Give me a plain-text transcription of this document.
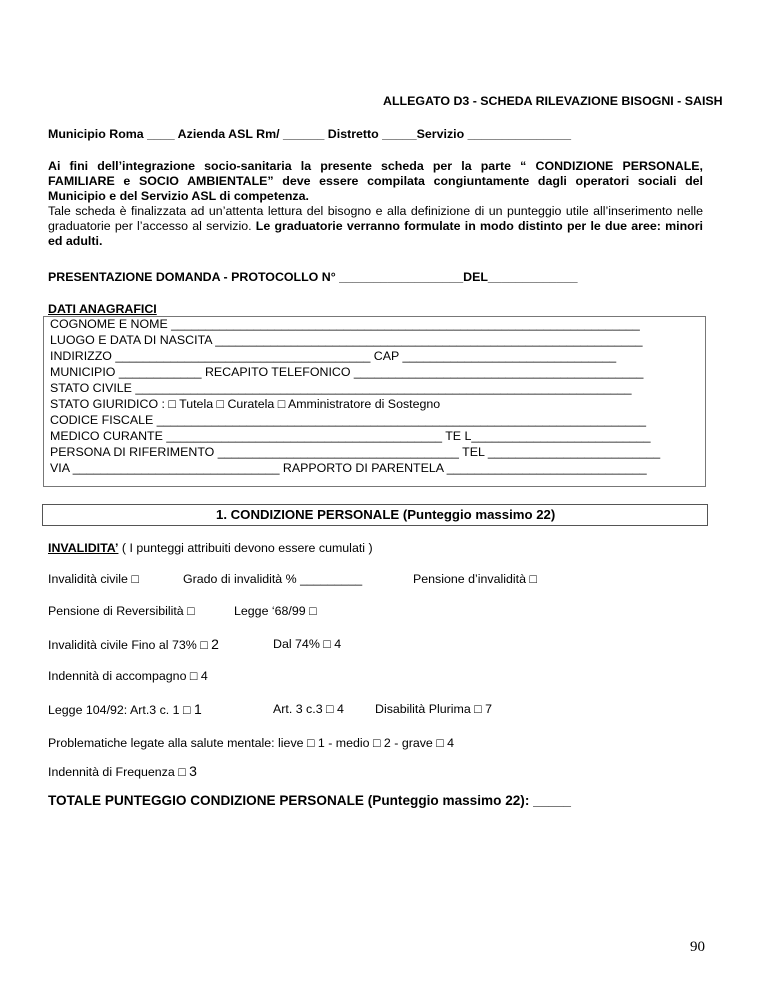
ALLEGATO D3 - SCHEDA RILEVAZIONE BISOGNI - SAISH
Municipio Roma ____ Azienda ASL Rm/ ______ Distretto _____Servizio _______________
Ai fini dell’integrazione socio-sanitaria la presente scheda per la parte “ CONDIZIONE PERSONALE, FAMILIARE e SOCIO AMBIENTALE” deve essere compilata congiuntamente dagli operatori sociali del Municipio e del Servizio ASL di competenza.
Tale scheda è finalizzata ad un’attenta lettura del bisogno e alla definizione di un punteggio utile all’inserimento nelle graduatorie per l’accesso al servizio. Le graduatorie verranno formulate in modo distinto per le due aree: minori ed adulti.
PRESENTAZIONE DOMANDA - PROTOCOLLO N° __________________DEL_____________
DATI ANAGRAFICI
COGNOME E NOME ____________________________________________________________________
LUOGO E DATA DI NASCITA ______________________________________________________________
INDIRIZZO _____________________________________ CAP _______________________________
MUNICIPIO ____________ RECAPITO TELEFONICO __________________________________________
STATO CIVILE ________________________________________________________________________
STATO GIURIDICO : □ Tutela □ Curatela □ Amministratore di Sostegno
CODICE FISCALE _______________________________________________________________________
MEDICO CURANTE ________________________________________ TE L__________________________
PERSONA DI RIFERIMENTO ___________________________________ TEL _________________________
VIA ______________________________ RAPPORTO DI PARENTELA _____________________________
1. CONDIZIONE PERSONALE (Punteggio massimo 22)
INVALIDITA’ ( I punteggi attribuiti devono essere cumulati )
Invalidità civile □	Grado di invalidità % _________	Pensione d’invalidità □
Pensione di Reversibilità □	Legge ‘68/99 □
Invalidità civile Fino al 73% □ 2	Dal 74% □ 4
Indennità di accompagno □ 4
Legge 104/92: Art.3 c. 1 □ 1	Art. 3 c.3 □ 4	Disabilità Plurima □ 7
Problematiche legate alla salute mentale: lieve □ 1 - medio □ 2 - grave □ 4
Indennità di Frequenza □ 3
TOTALE PUNTEGGIO CONDIZIONE PERSONALE (Punteggio massimo 22): _____
90
